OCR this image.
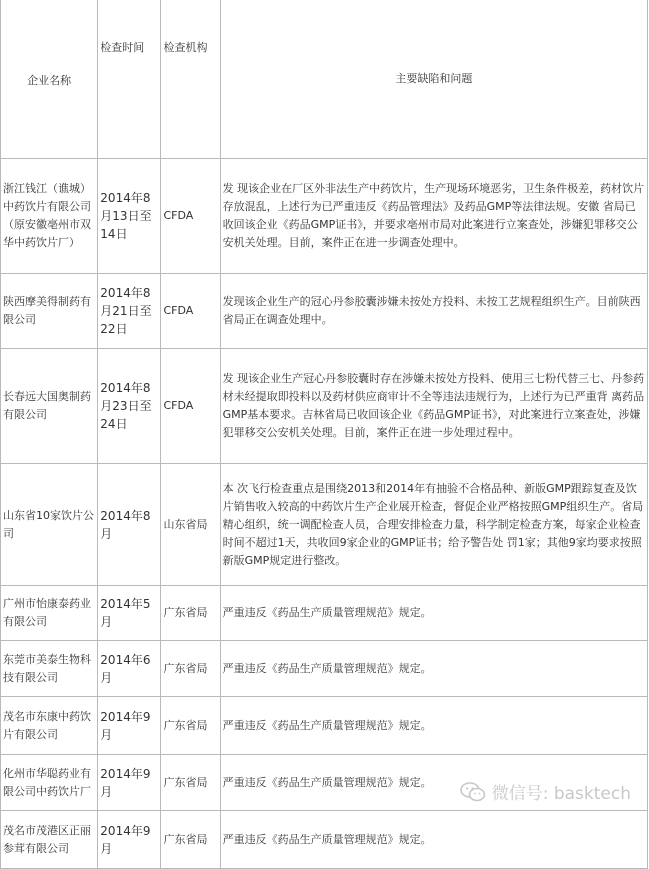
企业名称	检查时间	检查机构	主要缺陷和问题
浙江钱江（谯城）中药饮片有限公司（原安徽亳州市双华中药饮片厂）	2014年8月13日至14日	CFDA	发 现该企业在厂区外非法生产中药饮片，生产现场环境恶劣，卫生条件极差，药材饮片存放混乱，上述行为已严重违反《药品管理法》及药品GMP等法律法规。安徽 省局已收回该企业《药品GMP证书》，并要求亳州市局对此案进行立案查处，涉嫌犯罪移交公安机关处理。目前，案件正在进一步调查处理中。
陕西摩美得制药有限公司	2014年8月21日至22日	CFDA	发现该企业生产的冠心丹参胶囊涉嫌未按处方投料、未按工艺规程组织生产。目前陕西省局正在调查处理中。
长春远大国奥制药有限公司	2014年8月23日至24日	CFDA	发 现该企业生产冠心丹参胶囊时存在涉嫌未按处方投料、使用三七粉代替三七、丹参药材未经提取即投料以及药材供应商审计不全等违法违规行为，上述行为已严重背 离药品GMP基本要求。吉林省局已收回该企业《药品GMP证书》，对此案进行立案查处，涉嫌犯罪移交公安机关处理。目前，案件正在进一步处理过程中。
山东省10家饮片公司	2014年8月	山东省局	本 次飞行检查重点是围绕2013和2014年有抽验不合格品种、新版GMP跟踪复查及饮片销售收入较高的中药饮片生产企业展开检查，督促企业严格按照GMP组织生产。省局精心组织，统一调配检查人员，合理安排检查力量，科学制定检查方案，每家企业检查时间不超过1天，共收回9家企业的GMP证书；给予警告处 罚1家；其他9家均要求按照新版GMP规定进行整改。
广州市怡康泰药业有限公司	2014年5月	广东省局	严重违反《药品生产质量管理规范》规定。
东莞市美泰生物科技有限公司	2014年6月	广东省局	严重违反《药品生产质量管理规范》规定。
茂名市东康中药饮片有限公司	2014年9月	广东省局	严重违反《药品生产质量管理规范》规定。
化州市华聪药业有限公司中药饮片厂	2014年9月	广东省局	严重违反《药品生产质量管理规范》规定。
茂名市茂港区正丽参茸有限公司	2014年9月	广东省局	严重违反《药品生产质量管理规范》规定。
微信号: basktech
